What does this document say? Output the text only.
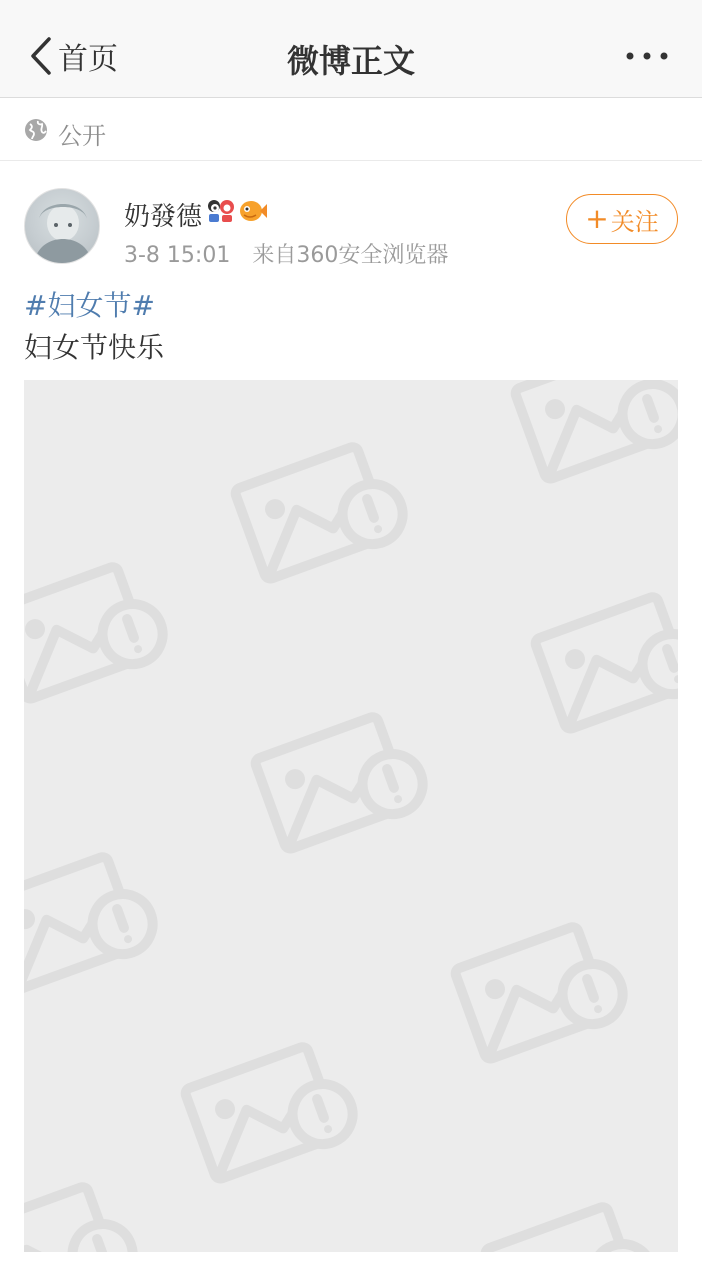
首页	微博正文
公开
奶發德
3-8 15:01 来自360安全浏览器
+ 关注
#妇女节#
妇女节快乐
